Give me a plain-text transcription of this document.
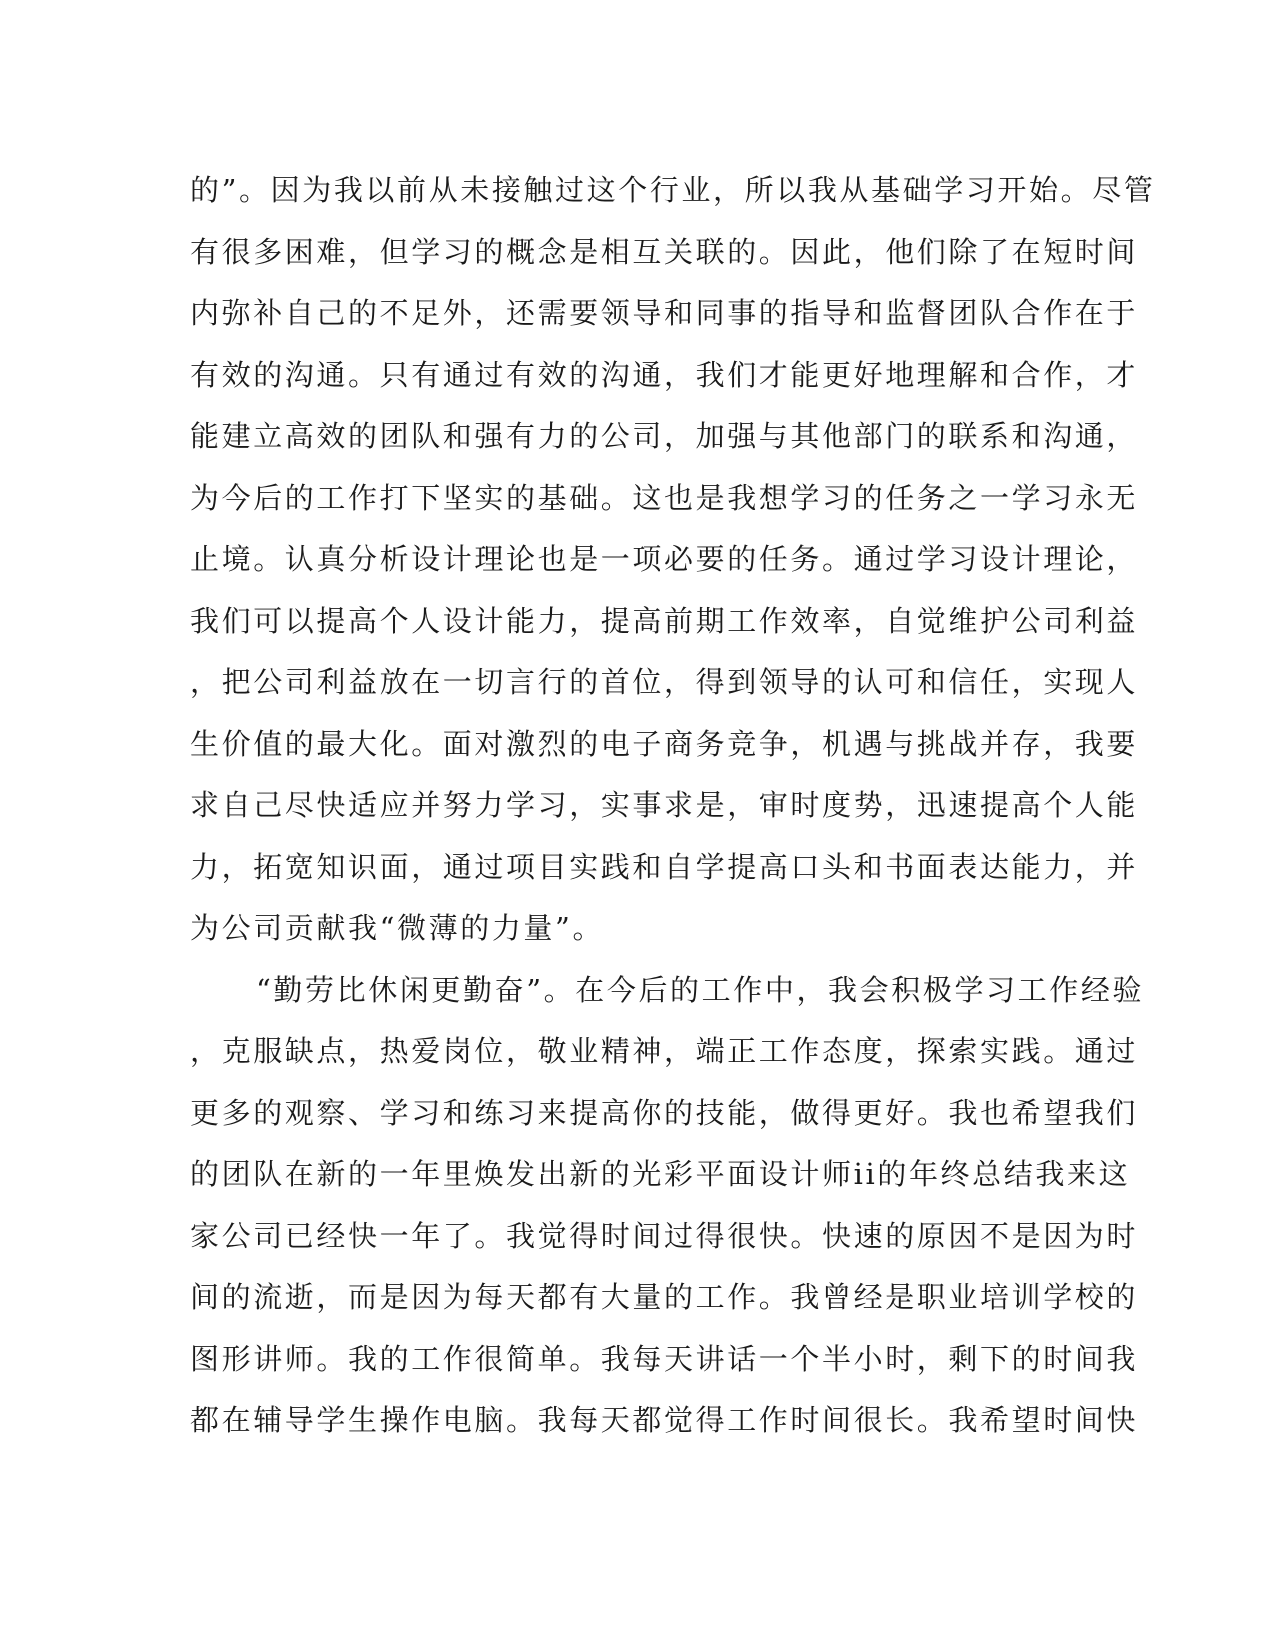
的”。因为我以前从未接触过这个行业，所以我从基础学习开始。尽管
有很多困难，但学习的概念是相互关联的。因此，他们除了在短时间
内弥补自己的不足外，还需要领导和同事的指导和监督团队合作在于
有效的沟通。只有通过有效的沟通，我们才能更好地理解和合作，才
能建立高效的团队和强有力的公司，加强与其他部门的联系和沟通，
为今后的工作打下坚实的基础。这也是我想学习的任务之一学习永无
止境。认真分析设计理论也是一项必要的任务。通过学习设计理论，
我们可以提高个人设计能力，提高前期工作效率，自觉维护公司利益
，把公司利益放在一切言行的首位，得到领导的认可和信任，实现人
生价值的最大化。面对激烈的电子商务竞争，机遇与挑战并存，我要
求自己尽快适应并努力学习，实事求是，审时度势，迅速提高个人能
力，拓宽知识面，通过项目实践和自学提高口头和书面表达能力，并
为公司贡献我“微薄的力量”。
“勤劳比休闲更勤奋”。在今后的工作中，我会积极学习工作经验
，克服缺点，热爱岗位，敬业精神，端正工作态度，探索实践。通过
更多的观察、学习和练习来提高你的技能，做得更好。我也希望我们
的团队在新的一年里焕发出新的光彩平面设计师ii的年终总结我来这
家公司已经快一年了。我觉得时间过得很快。快速的原因不是因为时
间的流逝，而是因为每天都有大量的工作。我曾经是职业培训学校的
图形讲师。我的工作很简单。我每天讲话一个半小时，剩下的时间我
都在辅导学生操作电脑。我每天都觉得工作时间很长。我希望时间快
